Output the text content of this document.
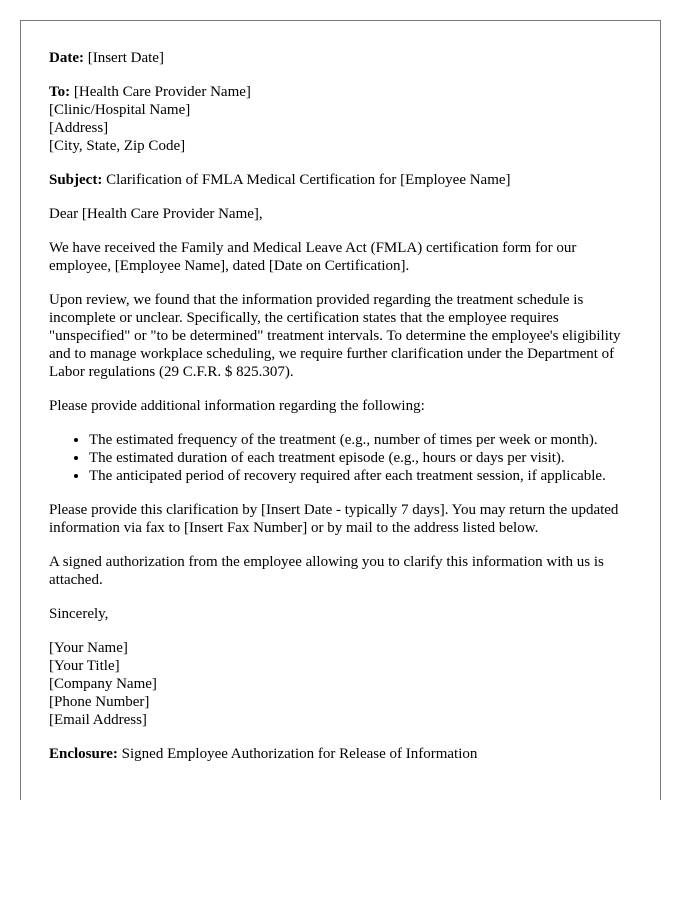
Date: [Insert Date]

To: [Health Care Provider Name]
[Clinic/Hospital Name]
[Address]
[City, State, Zip Code]

Subject: Clarification of FMLA Medical Certification for [Employee Name]

Dear [Health Care Provider Name],

We have received the Family and Medical Leave Act (FMLA) certification form for our employee, [Employee Name], dated [Date on Certification].

Upon review, we found that the information provided regarding the treatment schedule is incomplete or unclear. Specifically, the certification states that the employee requires "unspecified" or "to be determined" treatment intervals. To determine the employee's eligibility and to manage workplace scheduling, we require further clarification under the Department of Labor regulations (29 C.F.R. $ 825.307).

Please provide additional information regarding the following:

• The estimated frequency of the treatment (e.g., number of times per week or month).
• The estimated duration of each treatment episode (e.g., hours or days per visit).
• The anticipated period of recovery required after each treatment session, if applicable.

Please provide this clarification by [Insert Date - typically 7 days]. You may return the updated information via fax to [Insert Fax Number] or by mail to the address listed below.

A signed authorization from the employee allowing you to clarify this information with us is attached.

Sincerely,

[Your Name]
[Your Title]
[Company Name]
[Phone Number]
[Email Address]

Enclosure: Signed Employee Authorization for Release of Information
